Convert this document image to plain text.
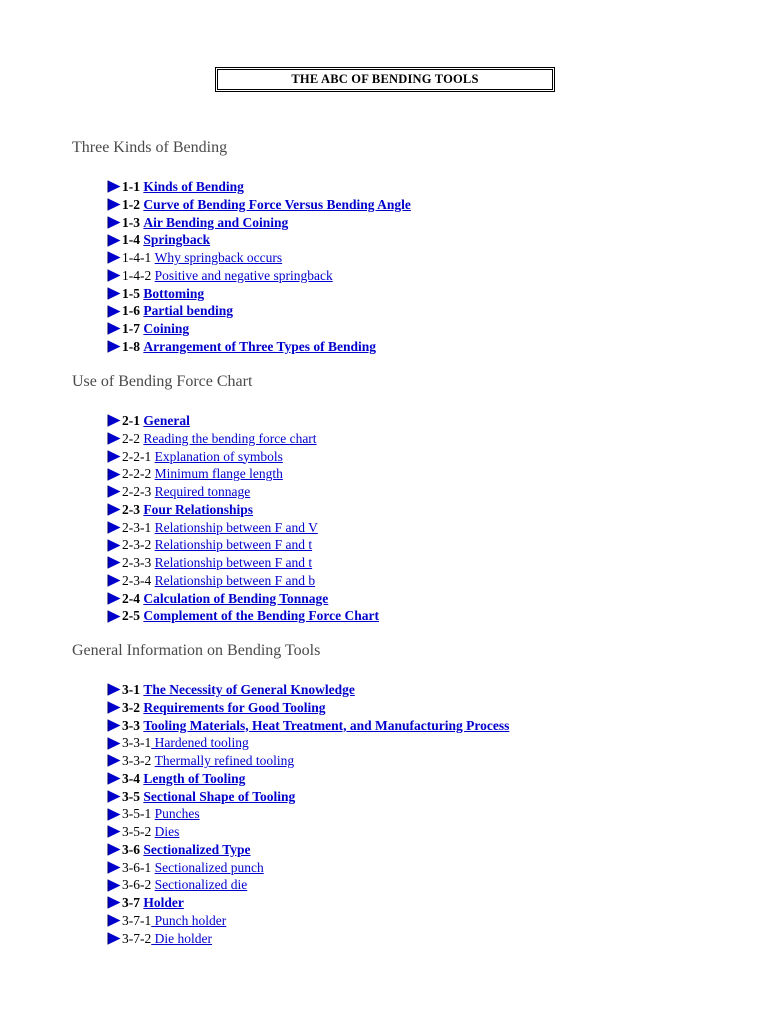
THE ABC OF BENDING TOOLS
Three Kinds of Bending
1-1 Kinds of Bending
1-2 Curve of Bending Force Versus Bending Angle
1-3 Air Bending and Coining
1-4 Springback
1-4-1 Why springback occurs
1-4-2 Positive and negative springback
1-5 Bottoming
1-6 Partial bending
1-7 Coining
1-8 Arrangement of Three Types of Bending
Use of Bending Force Chart
2-1 General
2-2 Reading the bending force chart
2-2-1 Explanation of symbols
2-2-2 Minimum flange length
2-2-3 Required tonnage
2-3 Four Relationships
2-3-1 Relationship between F and V
2-3-2 Relationship between F and t
2-3-3 Relationship between F and t
2-3-4 Relationship between F and b
2-4 Calculation of Bending Tonnage
2-5 Complement of the Bending Force Chart
General Information on Bending Tools
3-1 The Necessity of General Knowledge
3-2 Requirements for Good Tooling
3-3 Tooling Materials, Heat Treatment, and Manufacturing Process
3-3-1 Hardened tooling
3-3-2 Thermally refined tooling
3-4 Length of Tooling
3-5 Sectional Shape of Tooling
3-5-1 Punches
3-5-2 Dies
3-6 Sectionalized Type
3-6-1 Sectionalized punch
3-6-2 Sectionalized die
3-7 Holder
3-7-1 Punch holder
3-7-2 Die holder
